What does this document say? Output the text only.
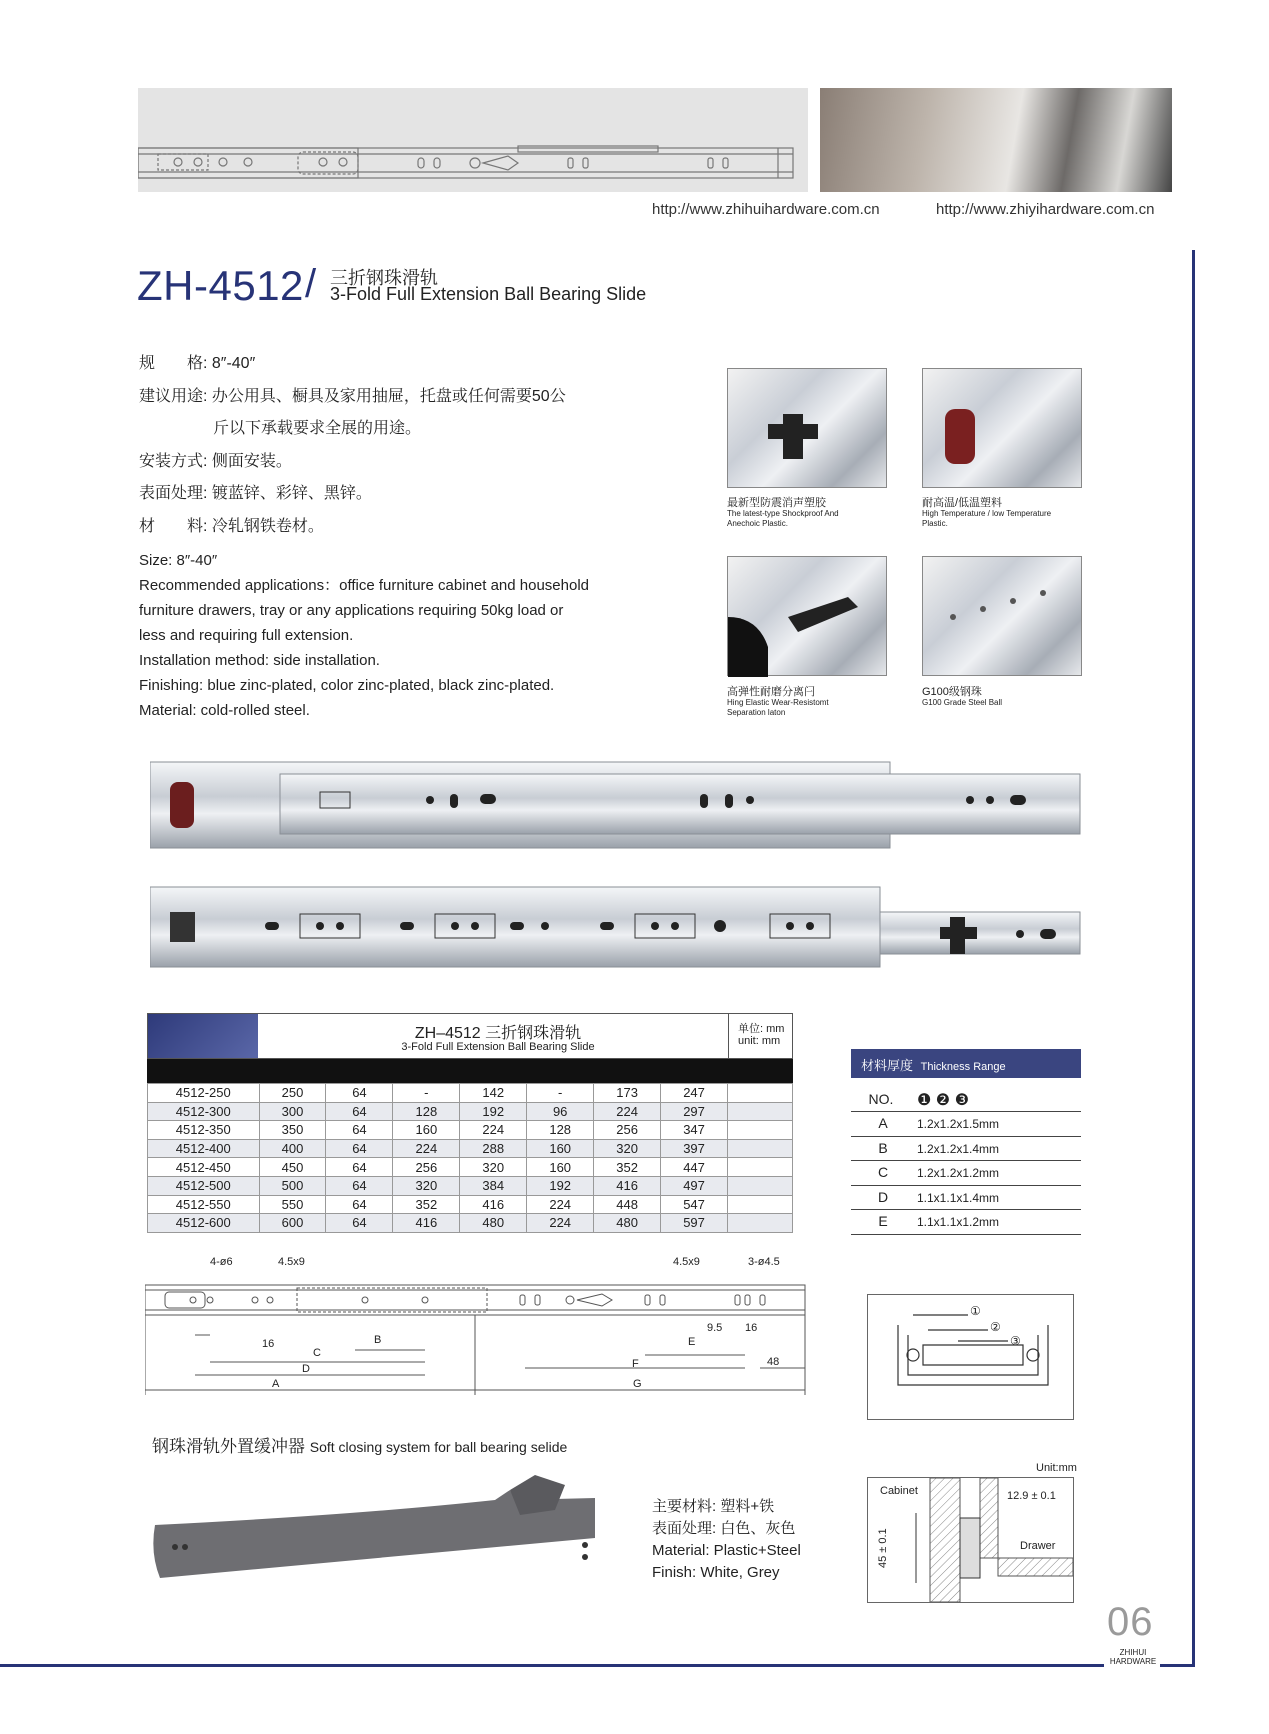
http://www.zhihuihardware.com.cn	http://www.zhiyihardware.com.cn
ZH-4512 / 三折钢珠滑轨
3-Fold Full Extension Ball Bearing Slide
规　　格: 8″-40″
建议用途: 办公用具、橱具及家用抽屉，托盘或任何需要50公
斤以下承载要求全展的用途。
安装方式: 侧面安装。
表面处理: 镀蓝锌、彩锌、黑锌。
材　　料: 冷轧钢铁卷材。
Size: 8″-40″
Recommended applications：office furniture cabinet and household
furniture drawers, tray or any applications requiring 50kg load or
less and requiring full extension.
Installation method: side installation.
Finishing: blue zinc-plated, color zinc-plated, black zinc-plated.
Material: cold-rolled steel.
最新型防震消声塑胶
The latest-type Shockproof And
Anechoic Plastic.
耐高温/低温塑料
High Temperature / low Temperature
Plastic.
高弹性耐磨分离闩
Hing Elastic Wear-Resistomt
Separation laton
G100级钢珠
G100 Grade Steel Ball
ZH–4512 三折钢珠滑轨
3-Fold Full Extension Ball Bearing Slide
单位: mm
unit: mm
4512-250	250	64	-	142	-	173	247	
4512-300	300	64	128	192	96	224	297	
4512-350	350	64	160	224	128	256	347	
4512-400	400	64	224	288	160	320	397	
4512-450	450	64	256	320	160	352	447	
4512-500	500	64	320	384	192	416	497	
4512-550	550	64	352	416	224	448	547	
4512-600	600	64	416	480	224	480	597	
材料厚度 Thickness Range
NO.	❶ ❷ ❸
A	1.2x1.2x1.5mm
B	1.2x1.2x1.4mm
C	1.2x1.2x1.2mm
D	1.1x1.1x1.4mm
E	1.1x1.1x1.2mm
4-ø6	4.5x9	4.5x9	3-ø4.5
16
9.5 16
48
A
B
C
D
E
F
G
①
②
③
钢珠滑轨外置缓冲器 Soft closing system for ball bearing selide
主要材料: 塑料+铁
表面处理: 白色、灰色
Material: Plastic+Steel
Finish: White, Grey
Unit:mm
Cabinet	12.9 ± 0.1
Drawer
45 ± 0.1
06
ZHIHUI
HARDWARE
